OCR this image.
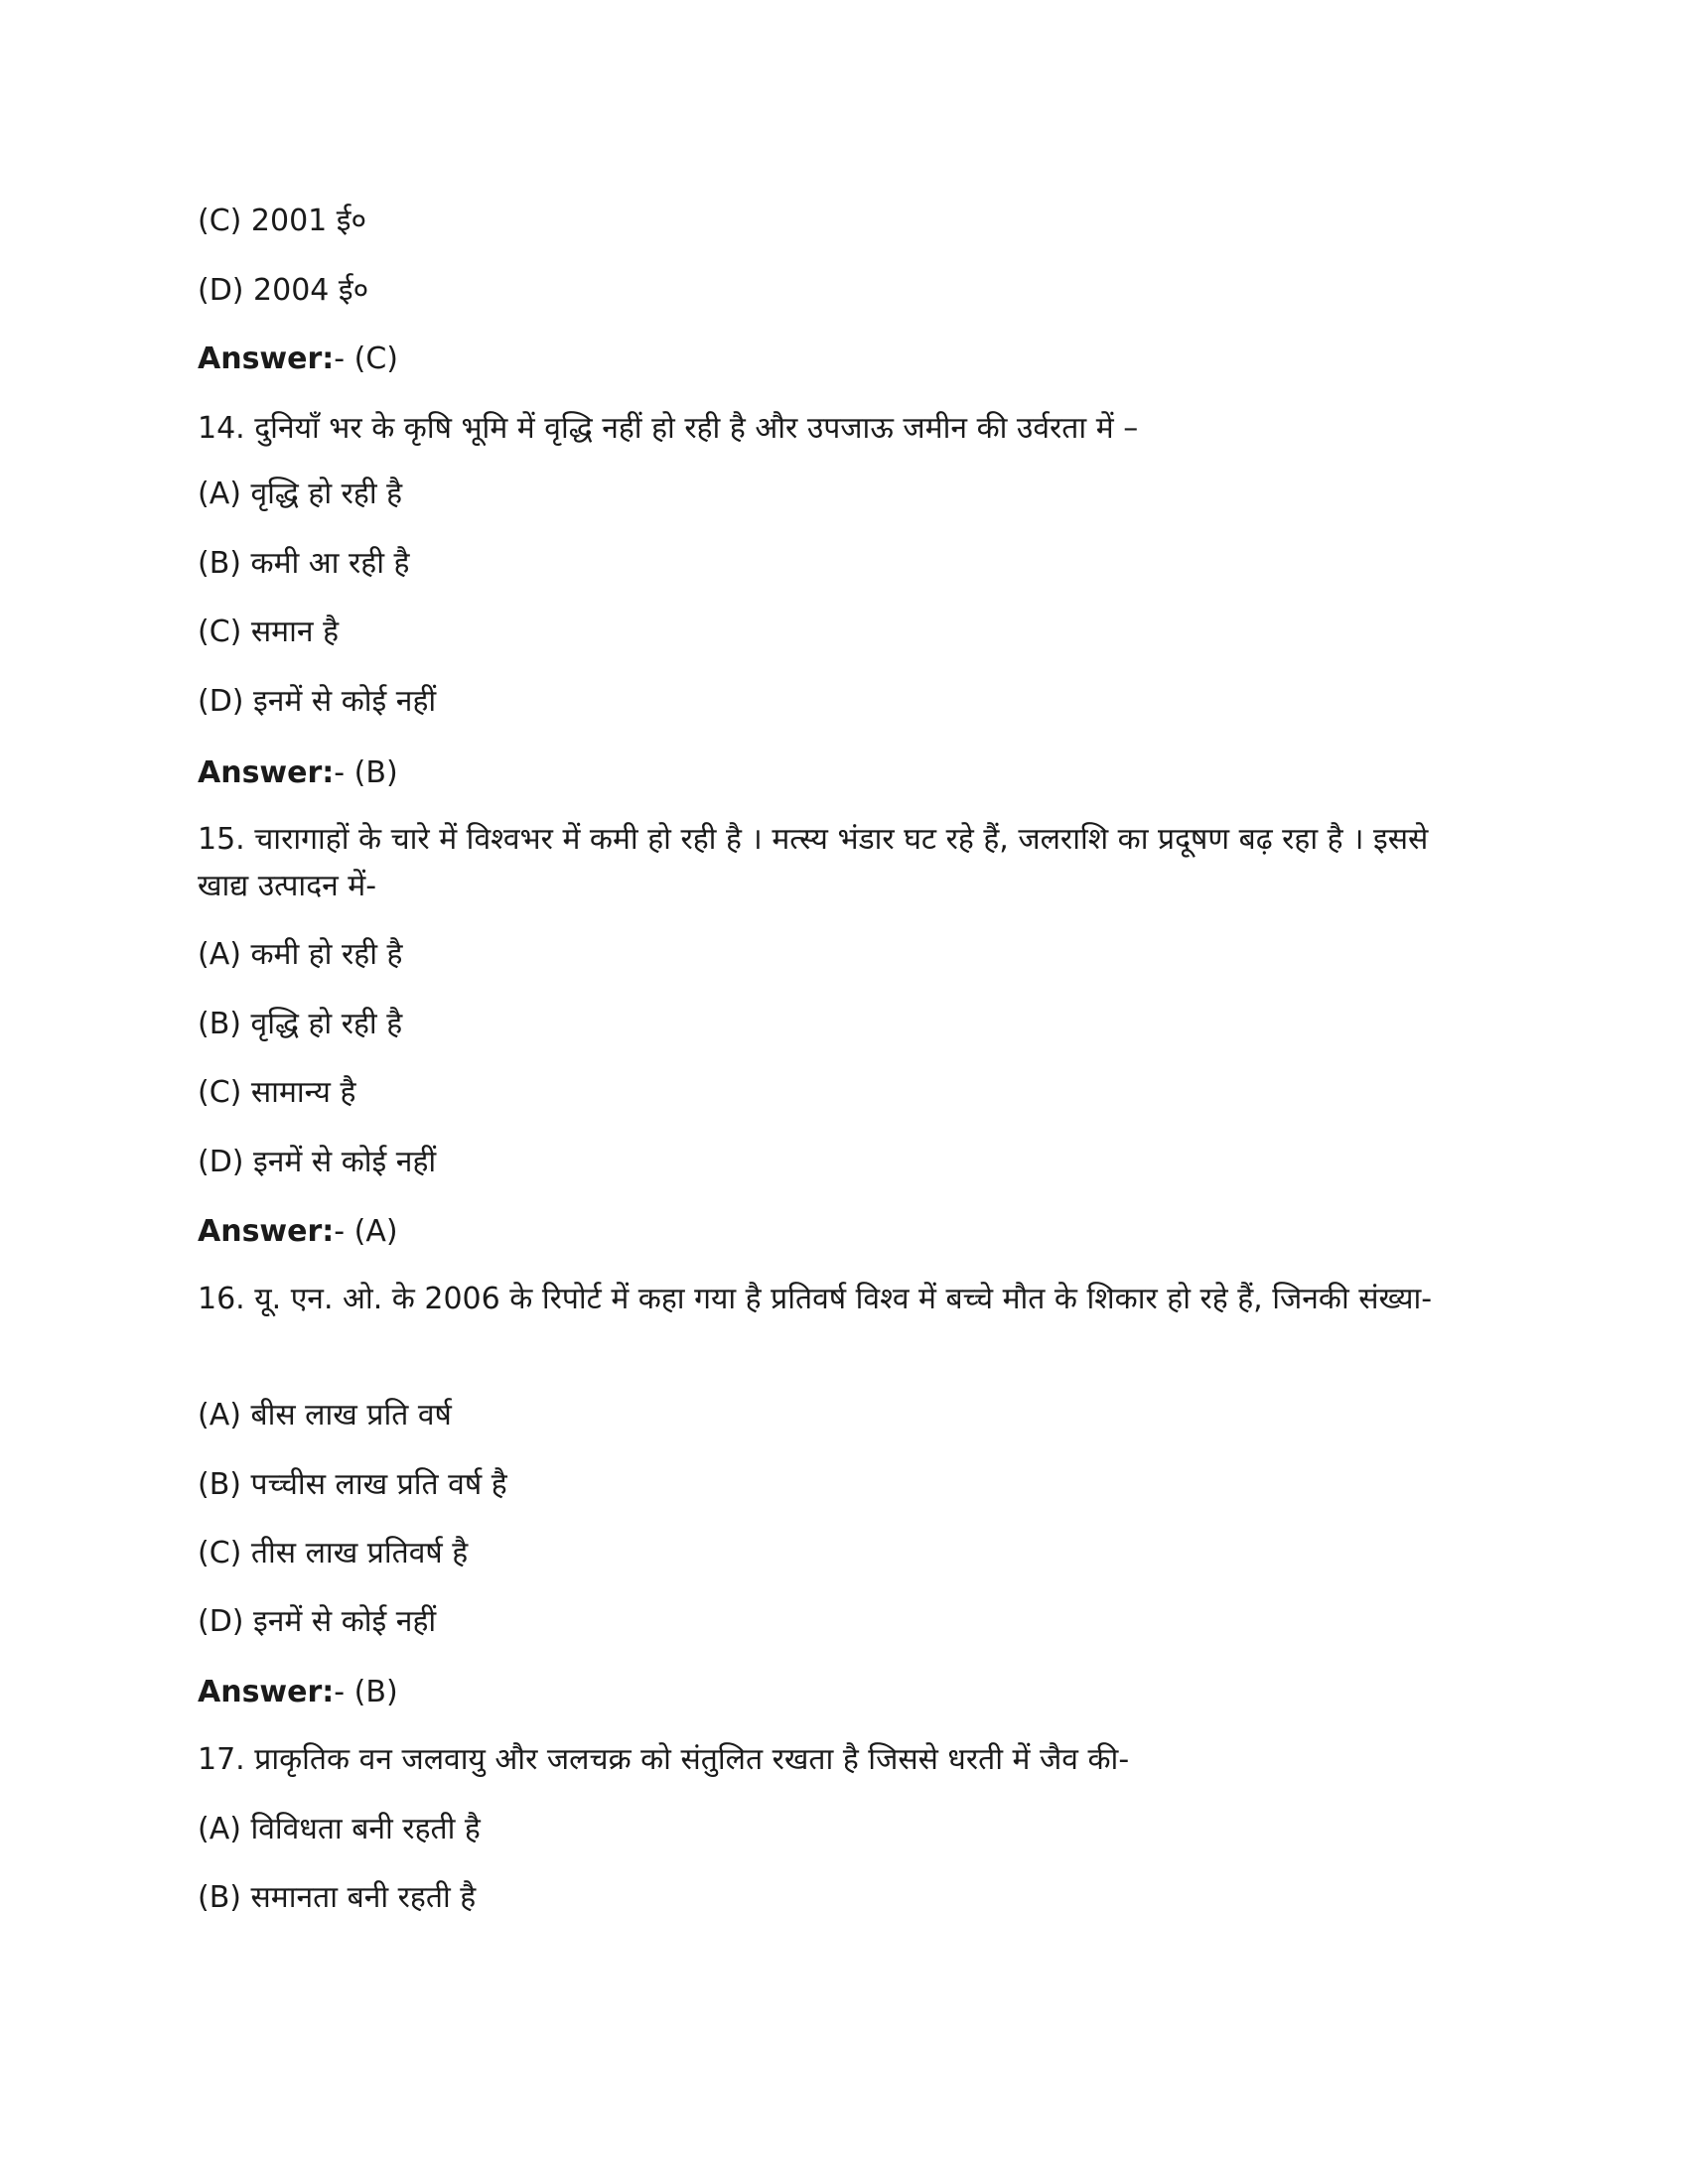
(C) 2001 ई०

(D) 2004 ई०

Answer:- (C)

14. दुनियाँ भर के कृषि भूमि में वृद्धि नहीं हो रही है और उपजाऊ जमीन की उर्वरता में –

(A) वृद्धि हो रही है

(B) कमी आ रही है

(C) समान है

(D) इनमें से कोई नहीं

Answer:- (B)

15. चारागाहों के चारे में विश्वभर में कमी हो रही है । मत्स्य भंडार घट रहे हैं, जलराशि का प्रदूषण बढ़ रहा है । इससे खाद्य उत्पादन में-

(A) कमी हो रही है

(B) वृद्धि हो रही है

(C) सामान्य है

(D) इनमें से कोई नहीं

Answer:- (A)

16. यू. एन. ओ. के 2006 के रिपोर्ट में कहा गया है प्रतिवर्ष विश्व में बच्चे मौत के शिकार हो रहे हैं, जिनकी संख्या-

(A) बीस लाख प्रति वर्ष

(B) पच्चीस लाख प्रति वर्ष है

(C) तीस लाख प्रतिवर्ष है

(D) इनमें से कोई नहीं

Answer:- (B)

17. प्राकृतिक वन जलवायु और जलचक्र को संतुलित रखता है जिससे धरती में जैव की-

(A) विविधता बनी रहती है

(B) समानता बनी रहती है
